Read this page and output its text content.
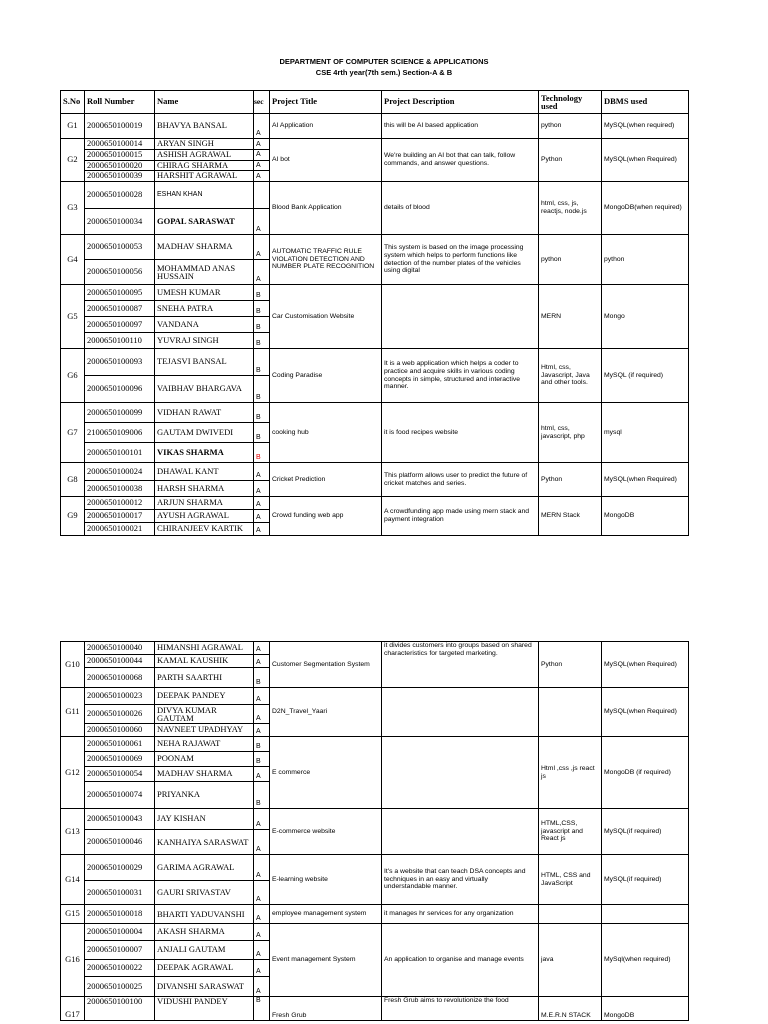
DEPARTMENT OF COMPUTER SCIENCE & APPLICATIONS
CSE 4rth year(7th sem.) Section-A & B
S.No	Roll Number	Name	sec	Project Title	Project Description	Technology used	DBMS used
G1	2000650100019	BHAVYA BANSAL	A	AI Application	this will be AI based application	python	MySQL(when required)
G2	2000650100014	ARYAN SINGH	A	AI bot	We're building an AI bot that can talk, follow commands, and answer questions.	Python	MySQL(when Required)
	2000650100015	ASHISH AGRAWAL	A				
	2000650100020	CHIRAG SHARMA	A				
	2000650100039	HARSHIT AGRAWAL	A				
G3	2000650100028	ESHAN KHAN		Blood Bank Application	details of blood	html, css, js, reactjs, node.js	MongoDB(when required)
	2000650100034	GOPAL SARASWAT	A				
G4	2000650100053	MADHAV SHARMA	A	AUTOMATIC TRAFFIC RULE VIOLATION DETECTION AND NUMBER PLATE RECOGNITION	This system is based on the image processing system which helps to perform functions like detection of the number plates of the vehicles using digital	python	python
	2000650100056	MOHAMMAD ANAS HUSSAIN	A				
G5	2000650100095	UMESH KUMAR	B	Car Customisation Website		MERN	Mongo
	2000650100087	SNEHA PATRA	B				
	2000650100097	VANDANA	B				
	2000650100110	YUVRAJ SINGH	B				
G6	2000650100093	TEJASVI BANSAL	B	Coding Paradise	It is a web application which helps a coder to practice and acquire skills in various coding concepts in simple, structured and interactive manner.	Html, css, Javascript, Java and other tools.	MySQL (if required)
	2000650100096	VAIBHAV BHARGAVA	B				
G7	2000650100099	VIDHAN RAWAT	B	cooking hub	it is food recipes website	html, css, javascript, php	mysql
	2100650109006	GAUTAM DWIVEDI	B				
	2000650100101	VIKAS SHARMA	B				
G8	2000650100024	DHAWAL KANT	A	Cricket Prediction	This platform allows user to predict the future of cricket matches and series.	Python	MySQL(when Required)
	2000650100038	HARSH SHARMA	A				
G9	2000650100012	ARJUN SHARMA	A	Crowd funding web app	A crowdfunding app made using mern stack and payment integration	MERN Stack	MongoDB
	2000650100017	AYUSH AGRAWAL	A				
	2000650100021	CHIRANJEEV KARTIK	A				
G10	2000650100040	HIMANSHI AGRAWAL	A	Customer Segmentation System	it divides customers into groups based on shared characteristics for targeted marketing.	Python	MySQL(when Required)
	2000650100044	KAMAL KAUSHIK	A				
	2000650100068	PARTH SAARTHI	B				
G11	2000650100023	DEEPAK PANDEY	A	D2N_Travel_Yaari			MySQL(when Required)
	2000650100026	DIVYA KUMAR GAUTAM	A				
	2000650100060	NAVNEET UPADHYAY	A				
G12	2000650100061	NEHA RAJAWAT	B	E commerce		Html ,css ,js react js	MongoDB (if required)
	2000650100069	POONAM	B				
	2000650100054	MADHAV SHARMA	A				
	2000650100074	PRIYANKA	B				
G13	2000650100043	JAY KISHAN	A	E-commerce website		HTML,CSS, javascript and React js	MySQL(if required)
	2000650100046	KANHAIYA SARASWAT	A				
G14	2000650100029	GARIMA AGRAWAL	A	E-learning website	It's a website that can teach DSA concepts and techniques in an easy and virtually understandable manner.	HTML, CSS and JavaScript	MySQL(if required)
	2000650100031	GAURI SRIVASTAV	A				
G15	2000650100018	BHARTI YADUVANSHI	A	employee management system	it manages hr services for any organization		
G16	2000650100004	AKASH SHARMA	A	Event management System	An application to organise and manage events	java	MySql(when required)
	2000650100007	ANJALI GAUTAM	A				
	2000650100022	DEEPAK AGRAWAL	A				
	2000650100025	DIVANSHI SARASWAT	A				
G17	2000650100100	VIDUSHI PANDEY	B	Fresh Grub	Fresh Grub aims to revolutionize the food	M.E.R.N STACK	MongoDB
